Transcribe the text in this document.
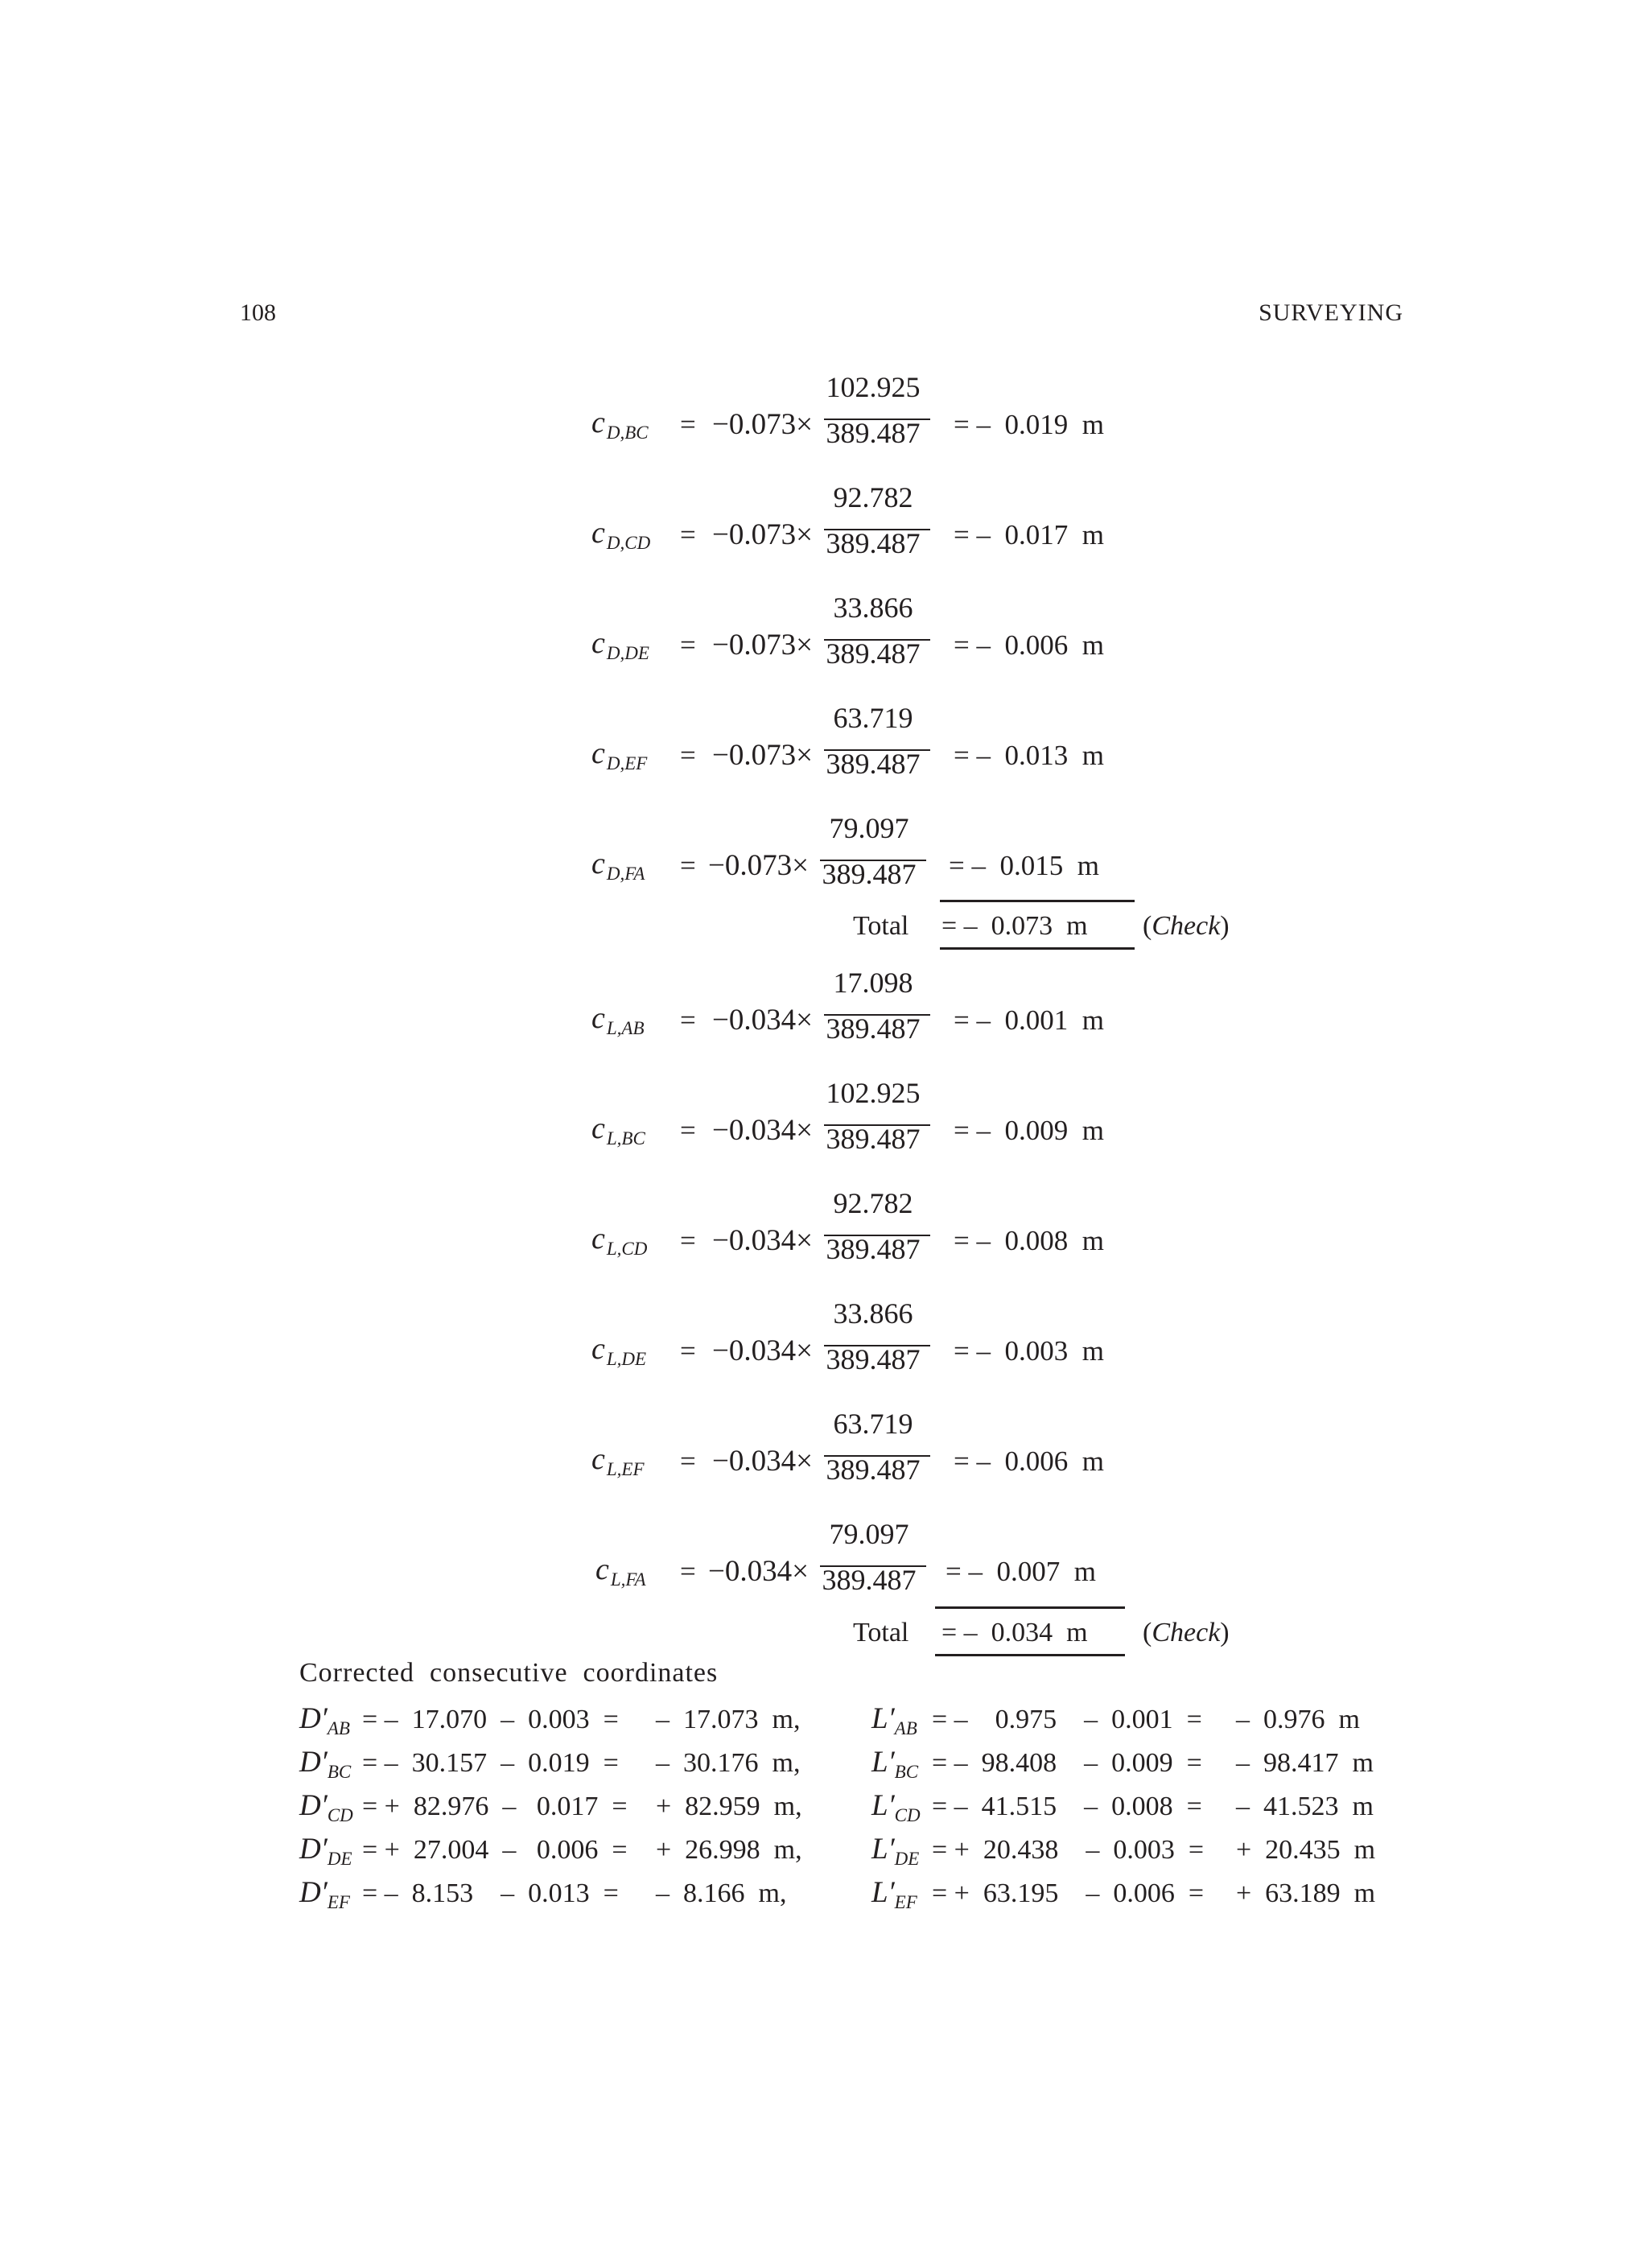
108	SURVEYING
$c_{D,BC} = -0.073\times$
102.925
389.487	= –  0.019  m
$c_{D,CD} = -0.073\times$
92.782
389.487	= –  0.017  m
$c_{D,DE} = -0.073\times$
33.866
389.487	= –  0.006  m
$c_{D,EF} = -0.073\times$
63.719
389.487	= –  0.013  m
$c_{D,FA} = -0.073\times$
79.097
389.487	= –  0.015  m
Total = –  0.073  m (Check)
$c_{L,AB} = -0.034\times$
17.098
389.487	= –  0.001  m
$c_{L,BC} = -0.034\times$
102.925
389.487	= –  0.009  m
$c_{L,CD} = -0.034\times$
92.782
389.487	= –  0.008  m
$c_{L,DE} = -0.034\times$
33.866
389.487	= –  0.003  m
$c_{L,EF} = -0.034\times$
63.719
389.487	= –  0.006  m
$c_{L,FA} = -0.034\times$
79.097
389.487	= –  0.007  m
Total = –  0.034  m (Check)
Corrected  consecutive  coordinates
$D'_{AB}$ = –  17.070  –  0.003  = –  17.073  m, $L'_{AB}$ = –    0.975    –  0.001  = –  0.976  m
$D'_{BC}$ = –  30.157  –  0.019  = –  30.176  m, $L'_{BC}$ = –  98.408    –  0.009  = –  98.417  m
$D'_{CD}$ = +  82.976  –   0.017  = +  82.959  m, $L'_{CD}$ = –  41.515    –  0.008  = –  41.523  m
$D'_{DE}$ = +  27.004  –   0.006  = +  26.998  m, $L'_{DE}$ = +  20.438    –  0.003  = +  20.435  m
$D'_{EF}$ = –  8.153    –  0.013  = –  8.166  m,	$L'_{EF}$ = +  63.195    –  0.006  = +  63.189  m
